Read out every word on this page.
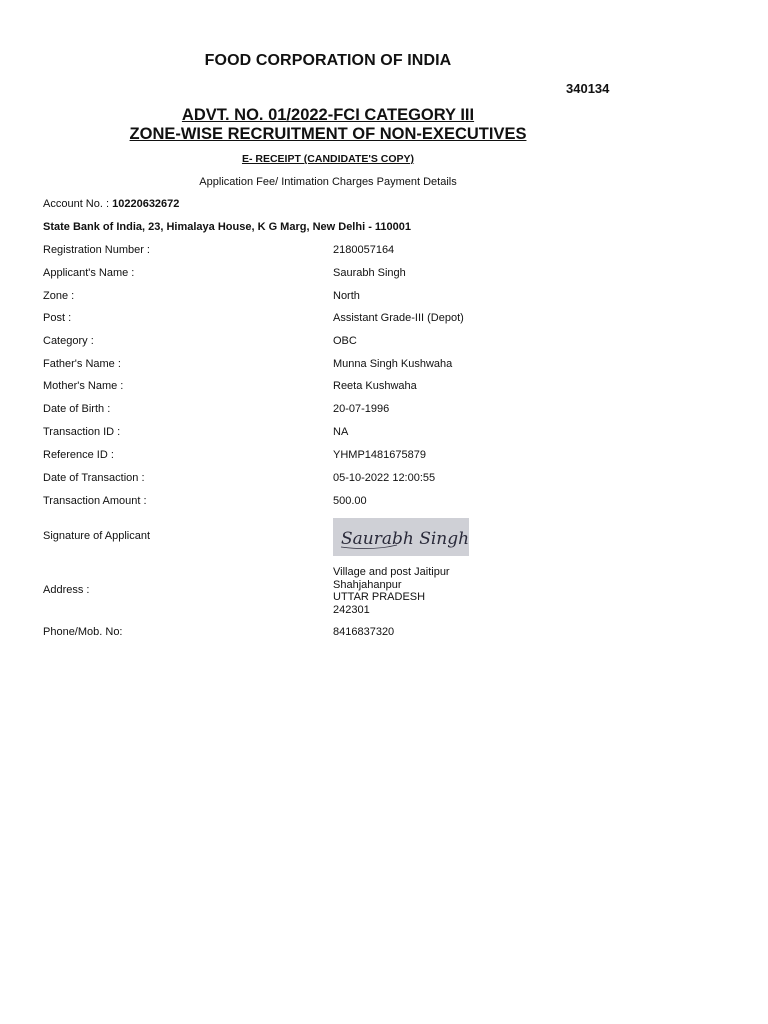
FOOD CORPORATION OF INDIA
340134
ADVT. NO. 01/2022-FCI CATEGORY III
ZONE-WISE RECRUITMENT OF NON-EXECUTIVES
E- RECEIPT (CANDIDATE'S COPY)
Application Fee/ Intimation Charges Payment Details
Account No. : 10220632672
State Bank of India, 23, Himalaya House, K G Marg, New Delhi - 110001
Registration Number :	2180057164
Applicant's Name :	Saurabh Singh
Zone :	North
Post :	Assistant Grade-III (Depot)
Category :	OBC
Father's Name :	Munna Singh Kushwaha
Mother's Name :	Reeta Kushwaha
Date of Birth :	20-07-1996
Transaction ID :	NA
Reference ID :	YHMP1481675879
Date of Transaction :	05-10-2022 12:00:55
Transaction Amount :	500.00
Signature of Applicant	Saurabh Singh
Address :
Village and post Jaitipur
Shahjahanpur
UTTAR PRADESH
242301
Phone/Mob. No:	8416837320
